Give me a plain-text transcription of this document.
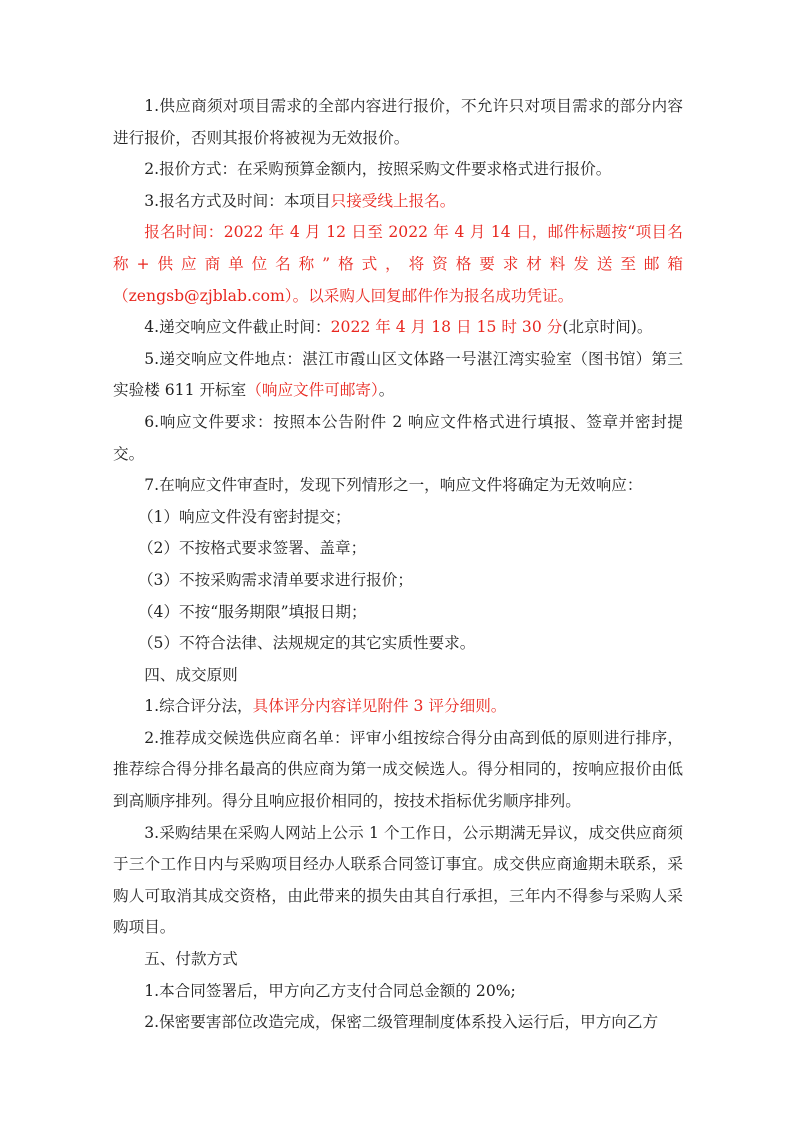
1.供应商须对项目需求的全部内容进行报价，不允许只对项目需求的部分内容进行报价，否则其报价将被视为无效报价。

2.报价方式：在采购预算金额内，按照采购文件要求格式进行报价。

3.报名方式及时间：本项目只接受线上报名。

报名时间：2022 年 4 月 12 日至 2022 年 4 月 14 日，邮件标题按“项目名称+供应商单位名称”格式，将资格要求材料发送至邮箱（zengsb@zjblab.com）。以采购人回复邮件作为报名成功凭证。

4.递交响应文件截止时间：2022 年 4 月 18 日 15 时 30 分(北京时间)。

5.递交响应文件地点：湛江市霞山区文体路一号湛江湾实验室（图书馆）第三实验楼 611 开标室（响应文件可邮寄）。

6.响应文件要求：按照本公告附件 2 响应文件格式进行填报、签章并密封提交。

7.在响应文件审查时，发现下列情形之一，响应文件将确定为无效响应：

（1）响应文件没有密封提交；

（2）不按格式要求签署、盖章；

（3）不按采购需求清单要求进行报价；

（4）不按“服务期限”填报日期；

（5）不符合法律、法规规定的其它实质性要求。

四、成交原则

1.综合评分法，具体评分内容详见附件 3 评分细则。

2.推荐成交候选供应商名单：评审小组按综合得分由高到低的原则进行排序，推荐综合得分排名最高的供应商为第一成交候选人。得分相同的，按响应报价由低到高顺序排列。得分且响应报价相同的，按技术指标优劣顺序排列。

3.采购结果在采购人网站上公示 1 个工作日，公示期满无异议，成交供应商须于三个工作日内与采购项目经办人联系合同签订事宜。成交供应商逾期未联系，采购人可取消其成交资格，由此带来的损失由其自行承担，三年内不得参与采购人采购项目。

五、付款方式

1.本合同签署后，甲方向乙方支付合同总金额的 20%;

2.保密要害部位改造完成，保密二级管理制度体系投入运行后，甲方向乙方
